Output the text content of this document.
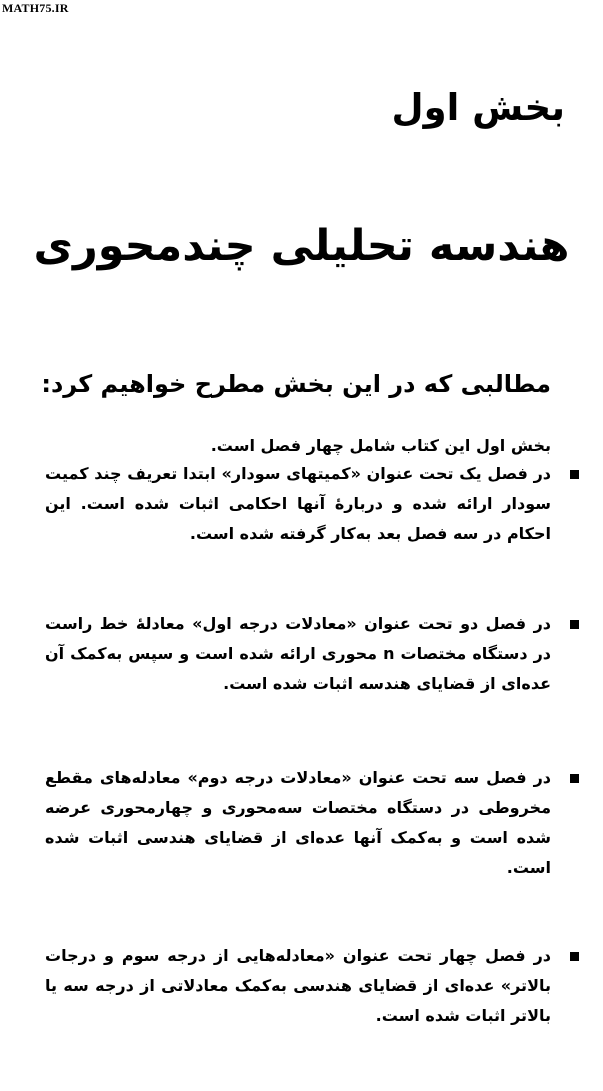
MATH75.IR
بخش اول
هندسه تحلیلی چندمحوری
مطالبی که در این بخش مطرح خواهیم کرد:
بخش اول این کتاب شامل چهار فصل است.
در فصل یک تحت عنوان «کمیتهای سودار» ابتدا تعریف چند کمیت سودار ارائه شده و دربارهٔ آنها احکامی اثبات شده است. این احکام در سه فصل بعد به‌کار گرفته شده است.
در فصل دو تحت عنوان «معادلات درجه اول» معادلهٔ خط راست در دستگاه مختصات n محوری ارائه شده است و سپس به‌کمک آن عده‌ای از قضایای هندسه اثبات شده است.
در فصل سه تحت عنوان «معادلات درجه دوم» معادله‌های مقطع مخروطی در دستگاه مختصات سه‌محوری و چهارمحوری عرضه شده است و به‌کمک آنها عده‌ای از قضایای هندسی اثبات شده است.
در فصل چهار تحت عنوان «معادله‌هایی از درجه سوم و درجات بالاتر» عده‌ای از قضایای هندسی به‌کمک معادلاتی از درجه سه یا بالاتر اثبات شده است.
